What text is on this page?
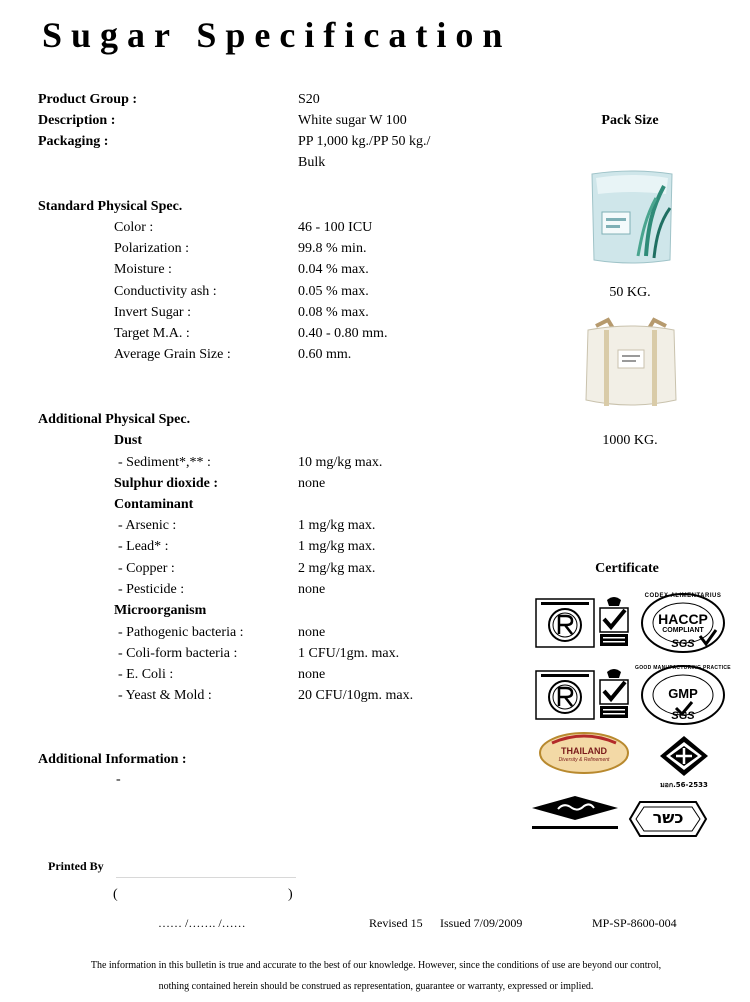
Sugar Specification
Product Group :	S20
Description :	White sugar W 100
Packaging :	PP 1,000 kg./PP 50 kg./
Bulk
Pack Size
50 KG.
1000 KG.
Standard Physical Spec.
Color :	46 - 100 ICU
Polarization :	99.8 % min.
Moisture :	0.04 % max.
Conductivity ash :	0.05 % max.
Invert Sugar :	0.08 % max.
Target M.A. :	0.40 - 0.80 mm.
Average Grain Size :	0.60 mm.
Additional Physical Spec.
Dust
- Sediment*,** :	10 mg/kg max.
Sulphur dioxide :	none
Contaminant
- Arsenic :	1 mg/kg max.
- Lead* :	1 mg/kg max.
- Copper :	2 mg/kg max.
- Pesticide :	none
Microorganism
- Pathogenic bacteria :	none
- Coli-form bacteria :	1 CFU/1gm. max.
- E. Coli :	none
- Yeast & Mold :	20 CFU/10gm. max.
Additional Information :
-
Certificate
CODEX ALIMENTARIUS
HACCP
COMPLIANT
SGS
GOOD MANUFACTURING PRACTICE
GMP
SGS
THAILAND
Diversity & Refinement
มอก.56-2533
כשר
Printed By
(	)
…… /……. /……	Revised 15 Issued 7/09/2009	MP-SP-8600-004
The information in this bulletin is true and accurate to the best of our knowledge. However, since the conditions of use are beyond our control,
nothing contained herein should be construed as representation, guarantee or warranty, expressed or implied.
